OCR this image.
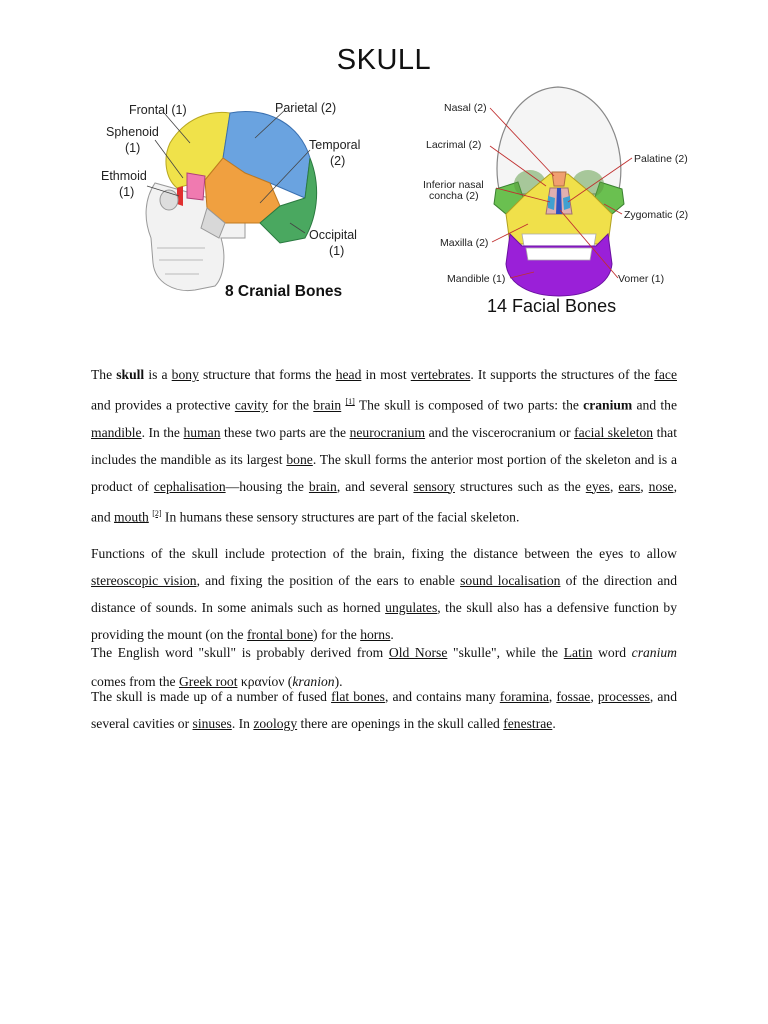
SKULL
Frontal (1)	Parietal (2)
Sphenoid
(1)	Temporal
(2)
Ethmoid
(1)
Occipital
(1)
8 Cranial Bones
Nasal (2)
Lacrimal (2)
Palatine (2)
Inferior nasal
concha (2)
Zygomatic (2)
Maxilla (2)
Mandible (1)	Vomer (1)
14 Facial Bones
The skull is a bony structure that forms the head in most vertebrates. It supports the structures of the face and provides a protective cavity for the brain [1] The skull is composed of two parts: the cranium and the mandible. In the human these two parts are the neurocranium and the viscerocranium or facial skeleton that includes the mandible as its largest bone. The skull forms the anterior most portion of the skeleton and is a product of cephalisation—housing the brain, and several sensory structures such as the eyes, ears, nose, and mouth [2] In humans these sensory structures are part of the facial skeleton.
Functions of the skull include protection of the brain, fixing the distance between the eyes to allow stereoscopic vision, and fixing the position of the ears to enable sound localisation of the direction and distance of sounds. In some animals such as horned ungulates, the skull also has a defensive function by providing the mount (on the frontal bone) for the horns.
The English word "skull" is probably derived from Old Norse "skulle", while the Latin word cranium comes from the Greek root κρανίον (kranion).
The skull is made up of a number of fused flat bones, and contains many foramina, fossae, processes, and several cavities or sinuses. In zoology there are openings in the skull called fenestrae.
